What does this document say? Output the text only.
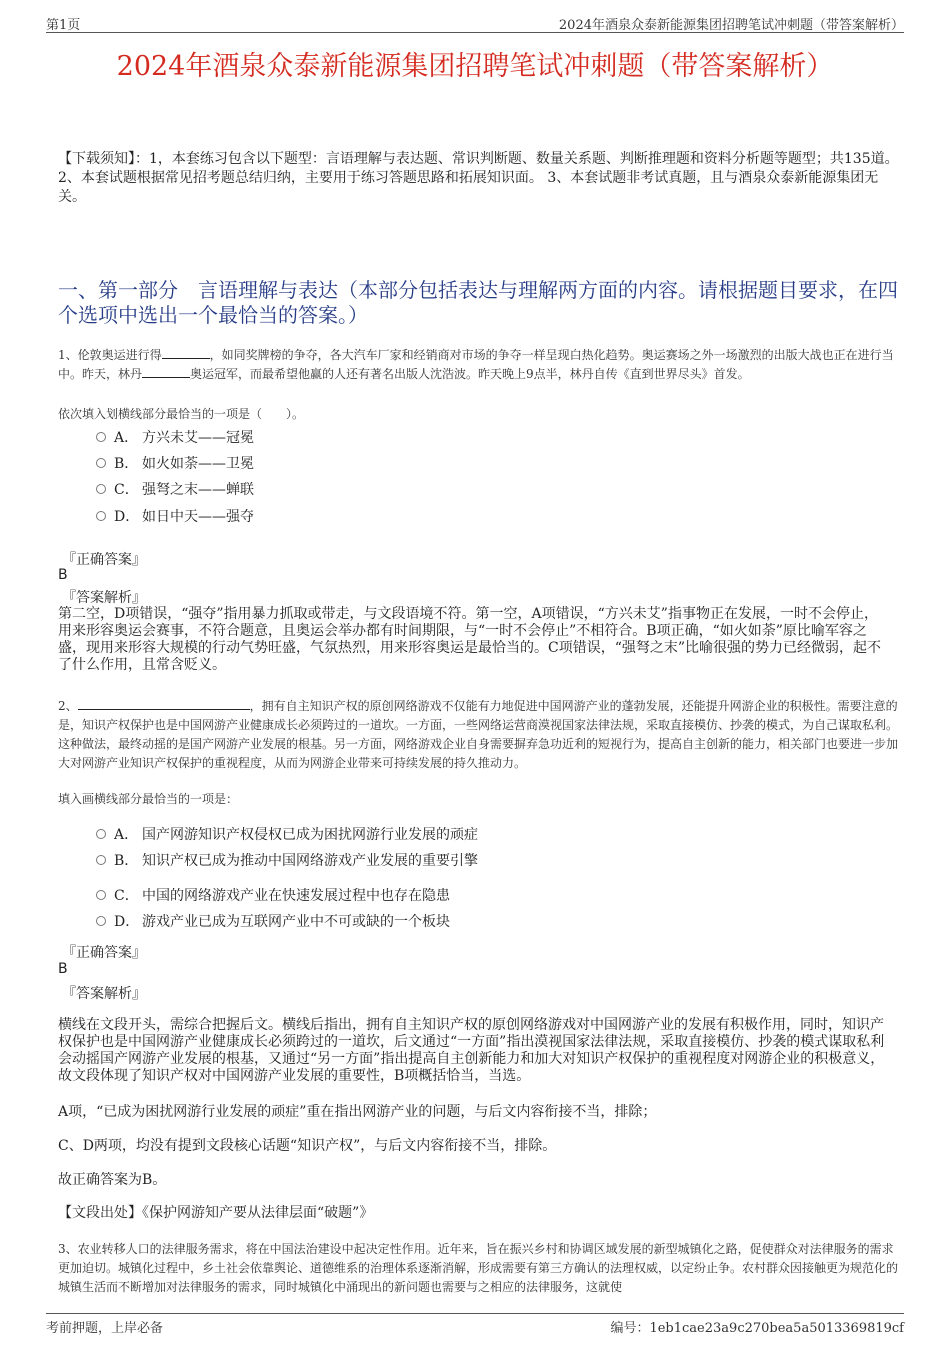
第1页	2024年酒泉众泰新能源集团招聘笔试冲刺题（带答案解析）
2024年酒泉众泰新能源集团招聘笔试冲刺题（带答案解析）
【下载须知】：1，本套练习包含以下题型：言语理解与表达题、常识判断题、数量关系题、判断推理题和资料分析题等题型；共135道。 2、本套试题根据常见招考题总结归纳，主要用于练习答题思路和拓展知识面。 3、本套试题非考试真题，且与酒泉众泰新能源集团无关。
一、第一部分　言语理解与表达（本部分包括表达与理解两方面的内容。请根据题目要求，在四个选项中选出一个最恰当的答案。）
1、伦敦奥运进行得	，如同奖牌榜的争夺，各大汽车厂家和经销商对市场的争夺一样呈现白热化趋势。奥运赛场之外一场激烈的出版大战也正在进行当中。昨天，林丹	奥运冠军，而最希望他赢的人还有著名出版人沈浩波。昨天晚上9点半，林丹自传《直到世界尽头》首发。
依次填入划横线部分最恰当的一项是（　　）。
A． 方兴未艾——冠冕
B． 如火如荼——卫冕
C． 强弩之末——蝉联
D． 如日中天——强夺
『正确答案』
B
『答案解析』
第二空，D项错误，“强夺”指用暴力抓取或带走，与文段语境不符。第一空，A项错误，“方兴未艾”指事物正在发展，一时不会停止，用来形容奥运会赛事，不符合题意，且奥运会举办都有时间期限，与“一时不会停止”不相符合。B项正确，“如火如荼”原比喻军容之盛，现用来形容大规模的行动气势旺盛，气氛热烈，用来形容奥运是最恰当的。C项错误，“强弩之末”比喻很强的势力已经微弱，起不了什么作用，且常含贬义。
2、	，拥有自主知识产权的原创网络游戏不仅能有力地促进中国网游产业的蓬勃发展，还能提升网游企业的积极性。需要注意的是，知识产权保护也是中国网游产业健康成长必须跨过的一道坎。一方面，一些网络运营商漠视国家法律法规，采取直接模仿、抄袭的模式，为自己谋取私利。这种做法，最终动摇的是国产网游产业发展的根基。另一方面，网络游戏企业自身需要摒弃急功近利的短视行为，提高自主创新的能力，相关部门也要进一步加大对网游产业知识产权保护的重视程度，从而为网游企业带来可持续发展的持久推动力。
填入画横线部分最恰当的一项是：
A． 国产网游知识产权侵权已成为困扰网游行业发展的顽症
B． 知识产权已成为推动中国网络游戏产业发展的重要引擎
C． 中国的网络游戏产业在快速发展过程中也存在隐患
D． 游戏产业已成为互联网产业中不可或缺的一个板块
『正确答案』
B
『答案解析』
横线在文段开头，需综合把握后文。横线后指出，拥有自主知识产权的原创网络游戏对中国网游产业的发展有积极作用，同时，知识产权保护也是中国网游产业健康成长必须跨过的一道坎，后文通过“一方面”指出漠视国家法律法规，采取直接模仿、抄袭的模式谋取私利会动摇国产网游产业发展的根基，又通过“另一方面”指出提高自主创新能力和加大对知识产权保护的重视程度对网游企业的积极意义，故文段体现了知识产权对中国网游产业发展的重要性，B项概括恰当，当选。
A项，“已成为困扰网游行业发展的顽症”重在指出网游产业的问题，与后文内容衔接不当，排除；
C、D两项，均没有提到文段核心话题“知识产权”，与后文内容衔接不当，排除。
故正确答案为B。
【文段出处】《保护网游知产要从法律层面“破题”》
3、农业转移人口的法律服务需求，将在中国法治建设中起决定性作用。近年来，旨在振兴乡村和协调区域发展的新型城镇化之路，促使群众对法律服务的需求更加迫切。城镇化过程中，乡土社会依靠舆论、道德维系的治理体系逐渐消解，形成需要有第三方确认的法理权威，以定纷止争。农村群众因接触更为规范化的城镇生活而不断增加对法律服务的需求，同时城镇化中涌现出的新问题也需要与之相应的法律服务，这就使
考前押题，上岸必备	编号：1eb1cae23a9c270bea5a5013369819cf
